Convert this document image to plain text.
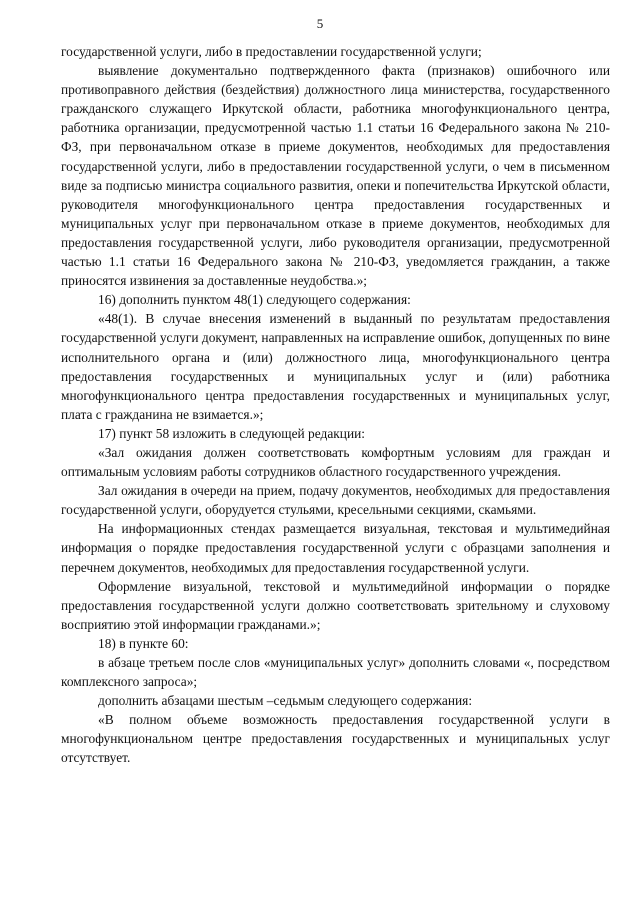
5

государственной услуги, либо в предоставлении государственной услуги;

выявление документально подтвержденного факта (признаков) ошибочного или противоправного действия (бездействия) должностного лица министерства, государственного гражданского служащего Иркутской области, работника многофункционального центра, работника организации, предусмотренной частью 1.1 статьи 16 Федерального закона № 210-ФЗ, при первоначальном отказе в приеме документов, необходимых для предоставления государственной услуги, либо в предоставлении государственной услуги, о чем в письменном виде за подписью министра социального развития, опеки и попечительства Иркутской области, руководителя многофункционального центра предоставления государственных и муниципальных услуг при первоначальном отказе в приеме документов, необходимых для предоставления государственной услуги, либо руководителя организации, предусмотренной частью 1.1 статьи 16 Федерального закона № 210-ФЗ, уведомляется гражданин, а также приносятся извинения за доставленные неудобства.»;

16) дополнить пунктом 48(1) следующего содержания:

«48(1). В случае внесения изменений в выданный по результатам предоставления государственной услуги документ, направленных на исправление ошибок, допущенных по вине исполнительного органа и (или) должностного лица, многофункционального центра предоставления государственных и муниципальных услуг и (или) работника многофункционального центра предоставления государственных и муниципальных услуг, плата с гражданина не взимается.»;

17) пункт 58 изложить в следующей редакции:

«Зал ожидания должен соответствовать комфортным условиям для граждан и оптимальным условиям работы сотрудников областного государственного учреждения.

Зал ожидания в очереди на прием, подачу документов, необходимых для предоставления государственной услуги, оборудуется стульями, кресельными секциями, скамьями.

На информационных стендах размещается визуальная, текстовая и мультимедийная информация о порядке предоставления государственной услуги с образцами заполнения и перечнем документов, необходимых для предоставления государственной услуги.

Оформление визуальной, текстовой и мультимедийной информации о порядке предоставления государственной услуги должно соответствовать зрительному и слуховому восприятию этой информации гражданами.»;

18) в пункте 60:

в абзаце третьем после слов «муниципальных услуг» дополнить словами «, посредством комплексного запроса»;

дополнить абзацами шестым –седьмым следующего содержания:

«В полном объеме возможность предоставления государственной услуги в многофункциональном центре предоставления государственных и муниципальных услуг отсутствует.
